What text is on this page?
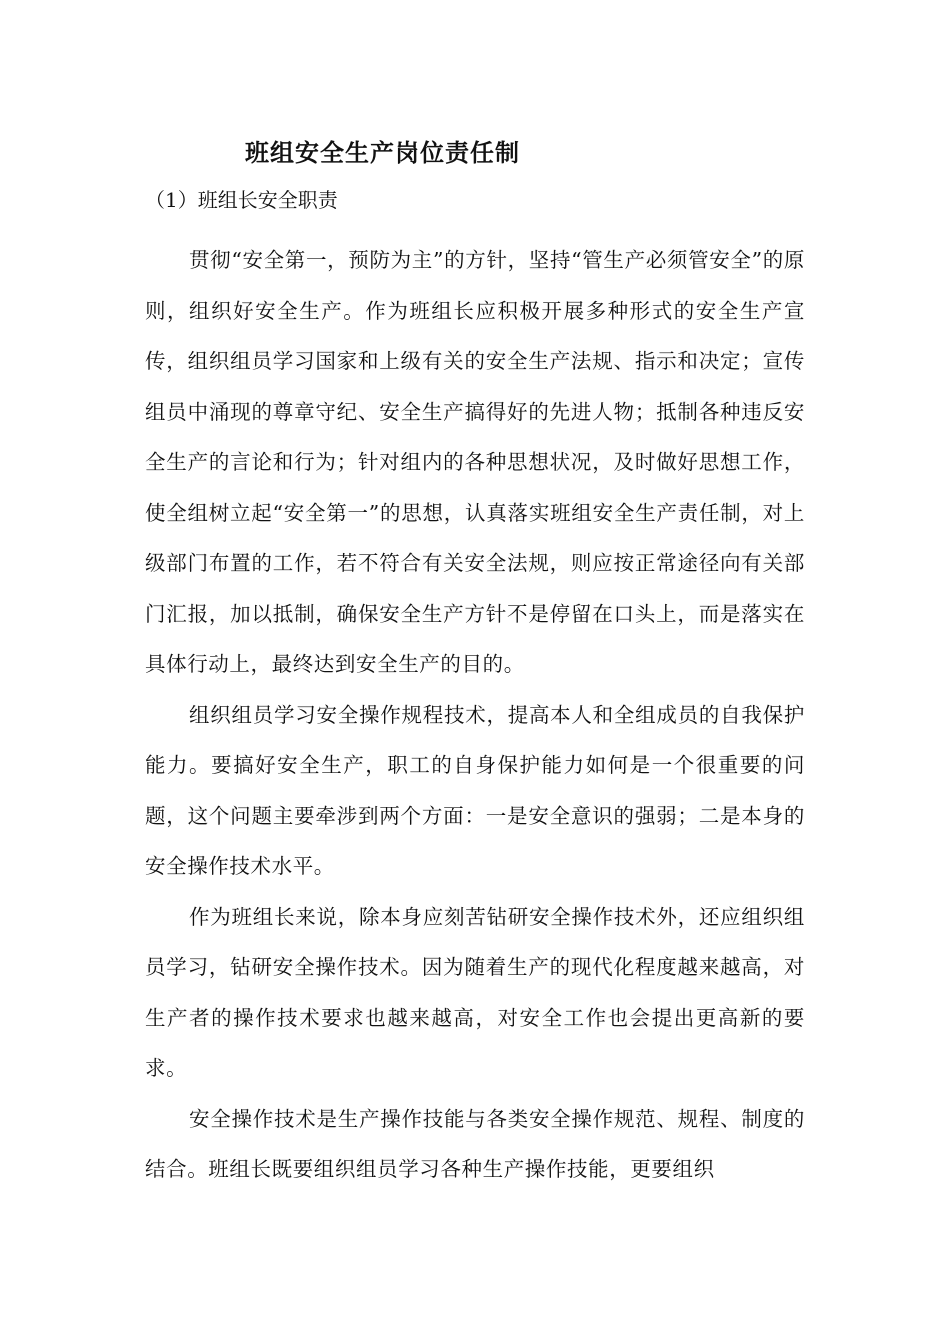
班组安全生产岗位责任制
（1）班组长安全职责

贯彻“安全第一，预防为主”的方针，坚持“管生产必须管安全”的原则，组织好安全生产。作为班组长应积极开展多种形式的安全生产宣传，组织组员学习国家和上级有关的安全生产法规、指示和决定；宣传组员中涌现的尊章守纪、安全生产搞得好的先进人物；抵制各种违反安全生产的言论和行为；针对组内的各种思想状况，及时做好思想工作，使全组树立起“安全第一”的思想，认真落实班组安全生产责任制，对上级部门布置的工作，若不符合有关安全法规，则应按正常途径向有关部门汇报，加以抵制，确保安全生产方针不是停留在口头上，而是落实在具体行动上，最终达到安全生产的目的。

组织组员学习安全操作规程技术，提高本人和全组成员的自我保护能力。要搞好安全生产，职工的自身保护能力如何是一个很重要的问题，这个问题主要牵涉到两个方面：一是安全意识的强弱；二是本身的安全操作技术水平。

作为班组长来说，除本身应刻苦钻研安全操作技术外，还应组织组员学习，钻研安全操作技术。因为随着生产的现代化程度越来越高，对生产者的操作技术要求也越来越高，对安全工作也会提出更高新的要求。

安全操作技术是生产操作技能与各类安全操作规范、规程、制度的结合。班组长既要组织组员学习各种生产操作技能，更要组织
